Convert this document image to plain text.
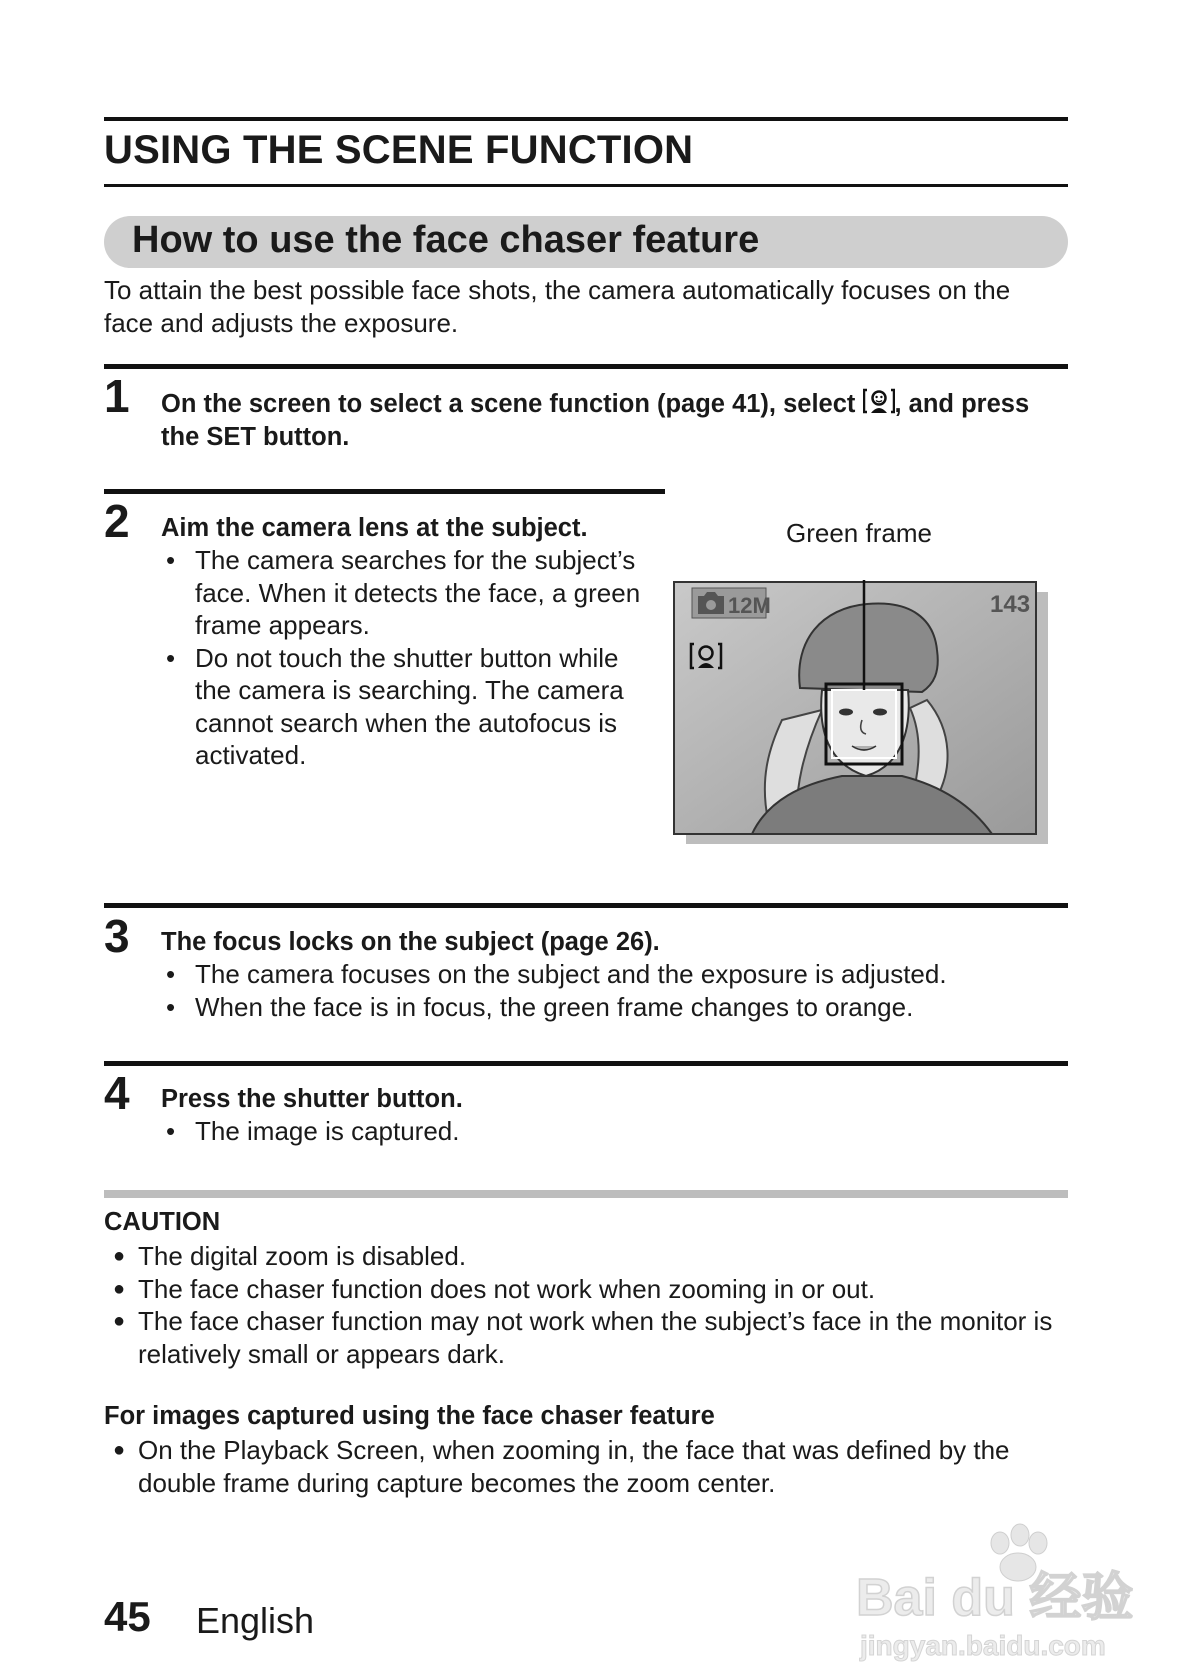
USING THE SCENE FUNCTION
How to use the face chaser feature
To attain the best possible face shots, the camera automatically focuses on the face and adjusts the exposure.
1 On the screen to select a scene function (page 41), select , and press the SET button.
2 Aim the camera lens at the subject.
• The camera searches for the subject’s face. When it detects the face, a green frame appears.
• Do not touch the shutter button while the camera is searching. The camera cannot search when the autofocus is activated.
Green frame
12M	143
3 The focus locks on the subject (page 26).
• The camera focuses on the subject and the exposure is adjusted.
• When the face is in focus, the green frame changes to orange.
4 Press the shutter button.
• The image is captured.
CAUTION
● The digital zoom is disabled.
● The face chaser function does not work when zooming in or out.
● The face chaser function may not work when the subject’s face in the monitor is relatively small or appears dark.
For images captured using the face chaser feature
● On the Playback Screen, when zooming in, the face that was defined by the double frame during capture becomes the zoom center.
45 English	Bai du 经验
jingyan.baidu.com
